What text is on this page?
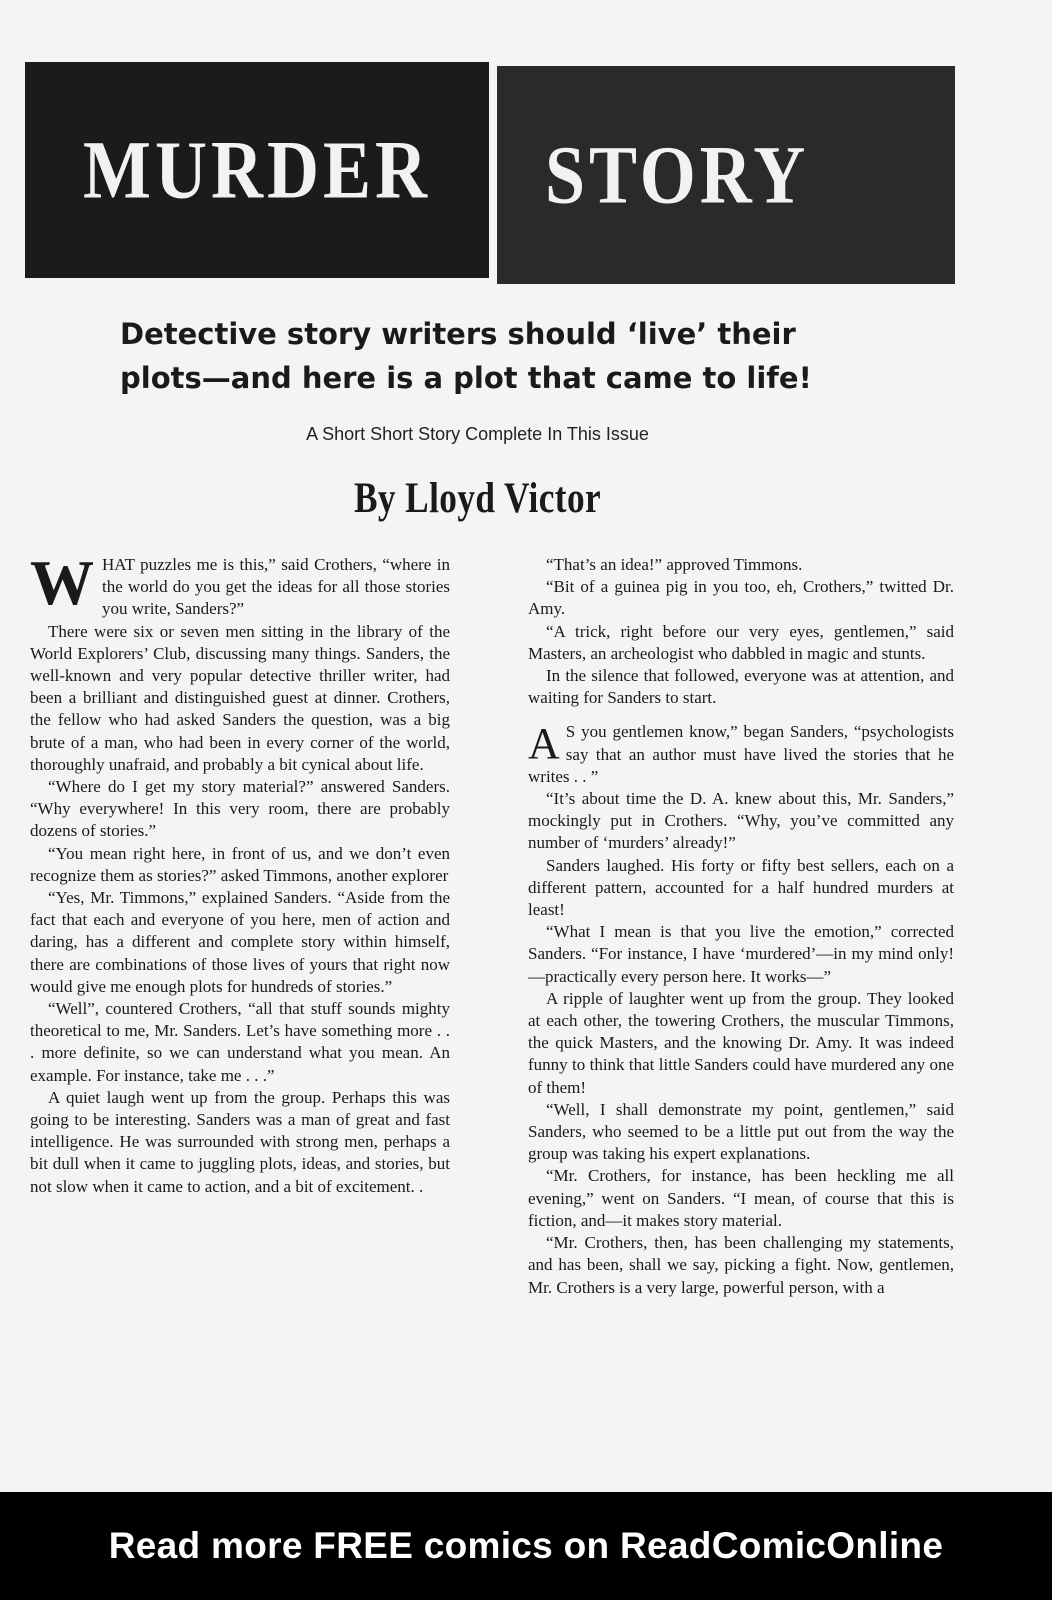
MURDER STORY
Detective story writers should ‘live’ their
plots—and here is a plot that came to life!
A Short Short Story Complete In This Issue
By Lloyd Victor

WHAT puzzles me is this,” said Crothers, “where in the world do you get the ideas for all those stories you write, Sanders?”

There were six or seven men sitting in the library of the World Explorers’ Club, discussing many things. Sanders, the well-known and very popular detective thriller writer, had been a brilliant and distinguished guest at dinner. Crothers, the fellow who had asked Sanders the question, was a big brute of a man, who had been in every corner of the world, thoroughly unafraid, and probably a bit cynical about life.

“Where do I get my story material?” answered Sanders. “Why everywhere! In this very room, there are probably dozens of stories.”

“You mean right here, in front of us, and we don’t even recognize them as stories?” asked Timmons, another explorer

“Yes, Mr. Timmons,” explained Sanders. “Aside from the fact that each and everyone of you here, men of action and daring, has a different and complete story within himself, there are combinations of those lives of yours that right now would give me enough plots for hundreds of stories.”

“Well”, countered Crothers, “all that stuff sounds mighty theoretical to me, Mr. Sanders. Let’s have something more . . . more definite, so we can understand what you mean. An example. For instance, take me . . .”

A quiet laugh went up from the group. Perhaps this was going to be interesting. Sanders was a man of great and fast intelligence. He was surrounded with strong men, perhaps a bit dull when it came to juggling plots, ideas, and stories, but not slow when it came to action, and a bit of excitement. .

“That’s an idea!” approved Timmons.

“Bit of a guinea pig in you too, eh, Crothers,” twitted Dr. Amy.

“A trick, right before our very eyes, gentlemen,” said Masters, an archeologist who dabbled in magic and stunts.

In the silence that followed, everyone was at attention, and waiting for Sanders to start.

A S you gentlemen know,” began Sanders, “psychologists say that an author must have lived the stories that he writes . . ”

“It’s about time the D. A. knew about this, Mr. Sanders,” mockingly put in Crothers. “Why, you’ve committed any number of ‘murders’ already!”

Sanders laughed. His forty or fifty best sellers, each on a different pattern, accounted for a half hundred murders at least!

“What I mean is that you live the emotion,” corrected Sanders. “For instance, I have ‘murdered’—in my mind only!—practically every person here. It works—”

A ripple of laughter went up from the group. They looked at each other, the towering Crothers, the muscular Timmons, the quick Masters, and the knowing Dr. Amy. It was indeed funny to think that little Sanders could have murdered any one of them!

“Well, I shall demonstrate my point, gentlemen,” said Sanders, who seemed to be a little put out from the way the group was taking his expert explanations.

“Mr. Crothers, for instance, has been heckling me all evening,” went on Sanders. “I mean, of course that this is fiction, and—it makes story material.

“Mr. Crothers, then, has been challenging my statements, and has been, shall we say, picking a fight. Now, gentlemen, Mr. Crothers is a very large, powerful person, with a

Read more FREE comics on ReadComicOnline
